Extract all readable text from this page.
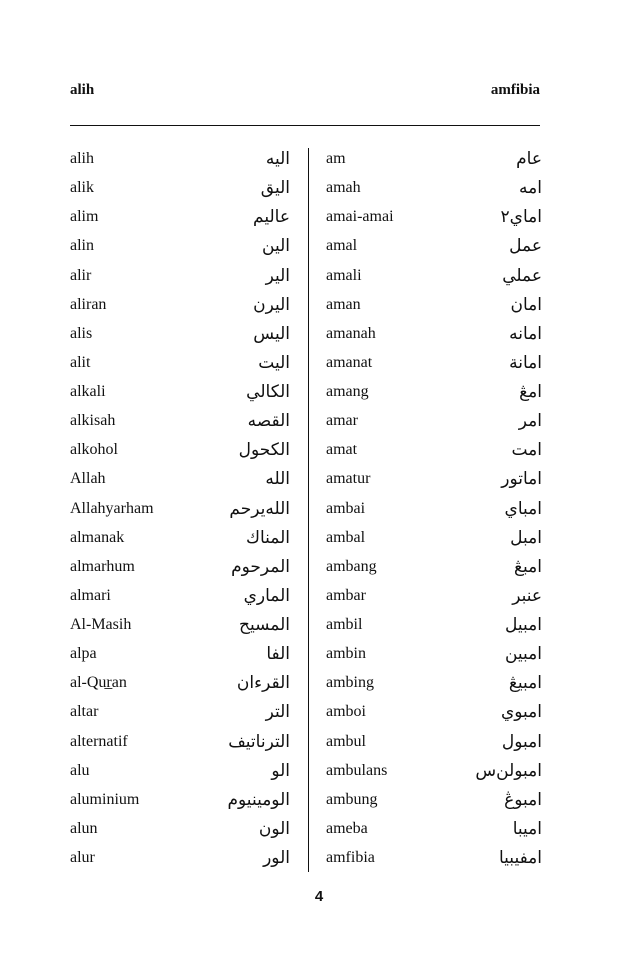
alih	amfibia
alih	اليه
alik	اليق
alim	عاليم
alin	الين
alir	الير
aliran	اليرن
alis	اليس
alit	اليت
alkali	الكالي
alkisah	القصه
alkohol	الكحول
Allah	الله
Allahyarham	الله‌يرحم
almanak	المناك
almarhum	المرحوم
almari	الماري
Al-Masih	المسيح
alpa	الفا
al-Qur̲an	القرءان
altar	التر
alternatif	الترناتيف
alu	الو
aluminium	الومينيوم
alun	الون
alur	الور
am	عام
amah	امه
amai-amai	اماي٢
amal	عمل
amali	عملي
aman	امان
amanah	امانه
amanat	امانة
amang	امڠ
amar	امر
amat	امت
amatur	اماتور
ambai	امباي
ambal	امبل
ambang	امبڠ
ambar	عنبر
ambil	امبيل
ambin	امبين
ambing	امبيڠ
amboi	امبوي
ambul	امبول
ambulans	امبولن‌س
ambung	امبوڠ
ameba	اميبا
amfibia	امفيبيا
4
